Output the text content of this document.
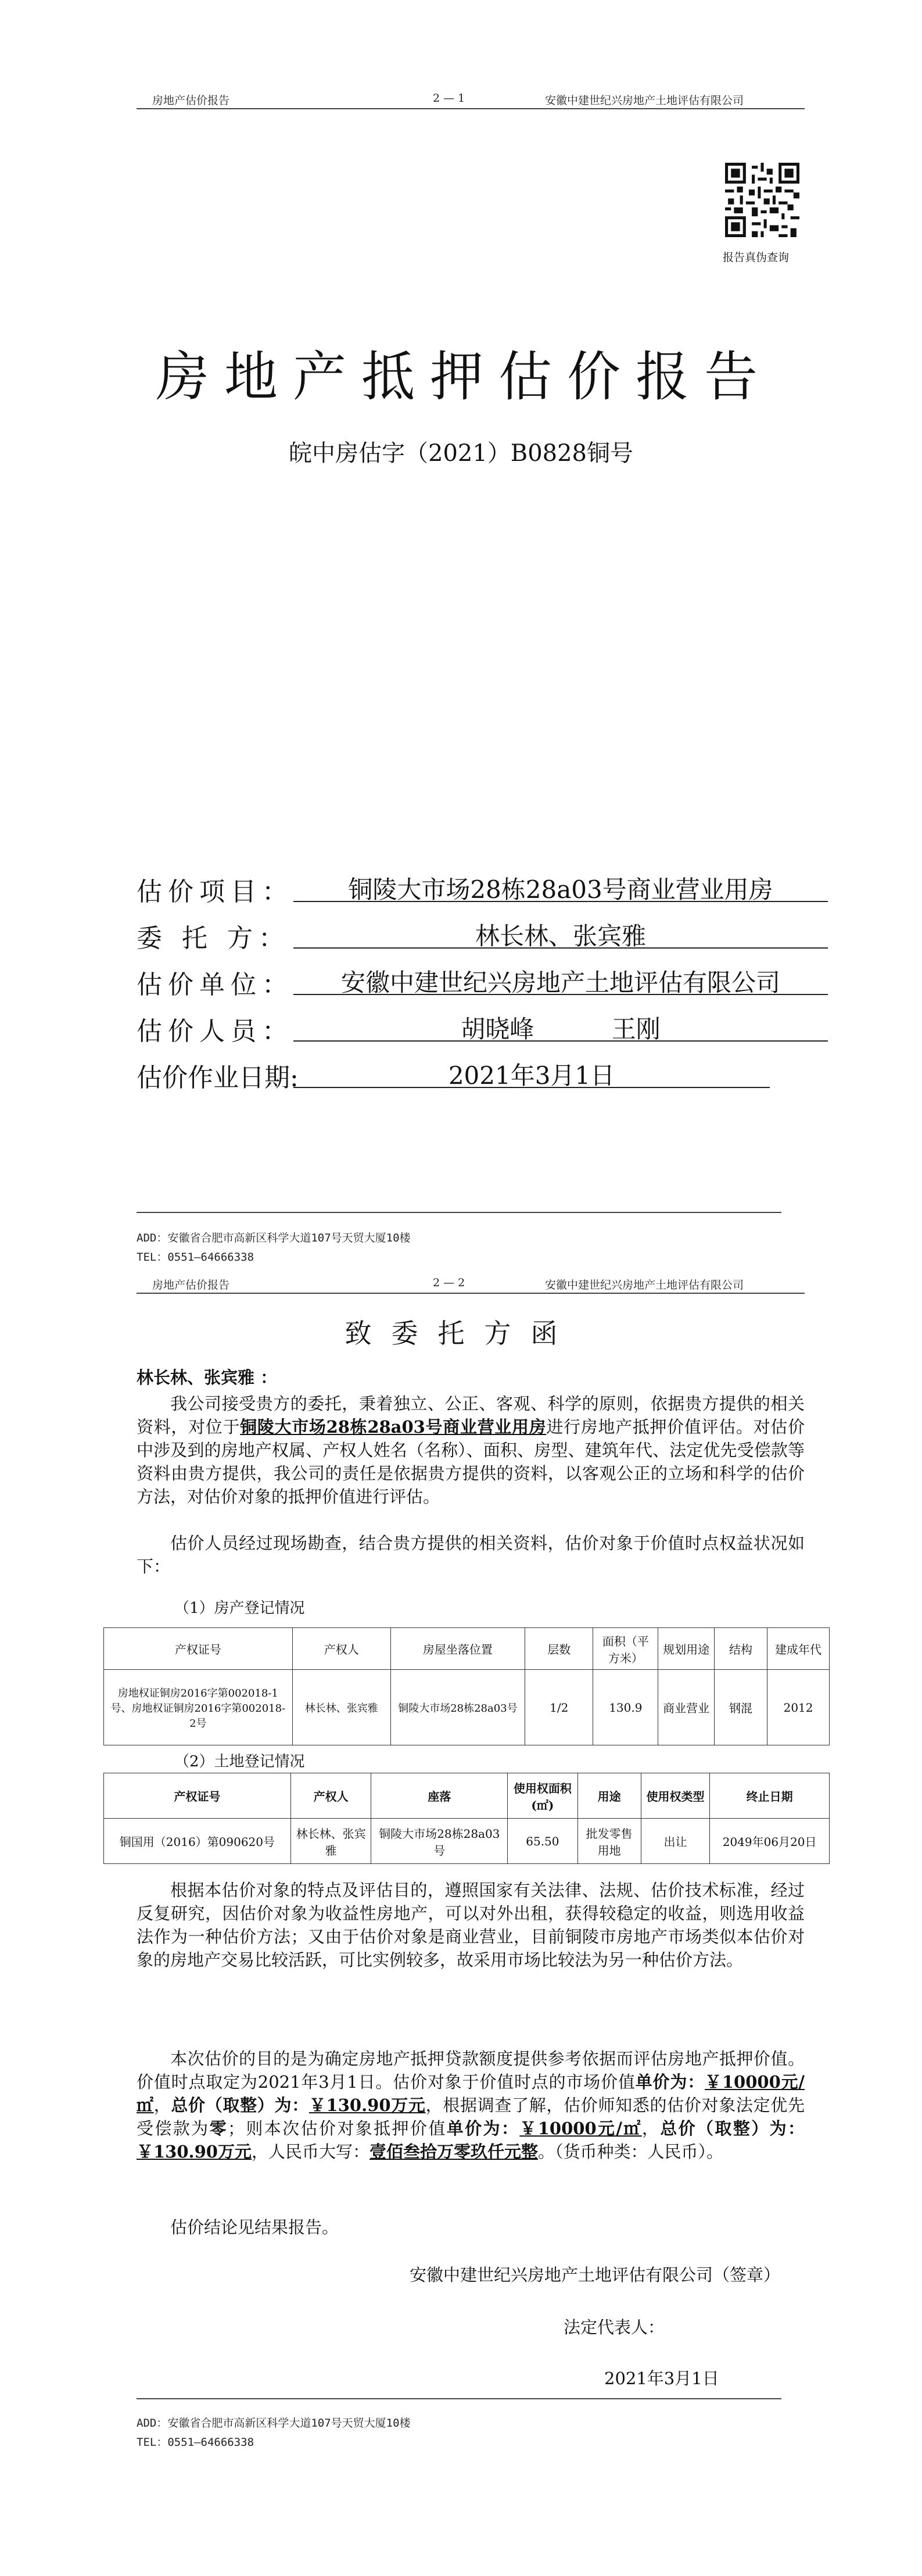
房地产估价报告	2 — 1	安徽中建世纪兴房地产土地评估有限公司
报告真伪查询
房地产抵押估价报告
皖中房估字（2021）B0828铜号
估价项目：	铜陵大市场28栋28a03号商业营业用房
委 托 方：	林长林、张宾雅
估价单位：	安徽中建世纪兴房地产土地评估有限公司
估价人员：	胡晓峰          王刚
估价作业日期:	2021年3月1日
ADD：安徽省合肥市高新区科学大道107号天贸大厦10楼
TEL：0551—64666338
房地产估价报告	2 — 2	安徽中建世纪兴房地产土地评估有限公司
致委托方函
林长林、张宾雅 ：
我公司接受贵方的委托，秉着独立、公正、客观、科学的原则，依据贵方提供的相关资料，对位于铜陵大市场28栋28a03号商业营业用房进行房地产抵押价值评估。对估价中涉及到的房地产权属、产权人姓名（名称）、面积、房型、建筑年代、法定优先受偿款等资料由贵方提供，我公司的责任是依据贵方提供的资料，以客观公正的立场和科学的估价方法，对估价对象的抵押价值进行评估。
估价人员经过现场勘查，结合贵方提供的相关资料，估价对象于价值时点权益状况如下：
（1）房产登记情况
产权证号	产权人	房屋坐落位置	层数	面积（平方米）	规划用途	结构	建成年代
房地权证铜房2016字第002018-1号、房地权证铜房2016字第002018-2号	林长林、张宾雅	铜陵大市场28栋28a03号	1/2	130.9	商业营业	钢混	2012
（2）土地登记情况
产权证号	产权人	座落	使用权面积(㎡)	用途	使用权类型	终止日期
铜国用（2016）第090620号	林长林、张宾雅	铜陵大市场28栋28a03号	65.50	批发零售用地	出让	2049年06月20日
根据本估价对象的特点及评估目的，遵照国家有关法律、法规、估价技术标准，经过反复研究，因估价对象为收益性房地产，可以对外出租，获得较稳定的收益，则选用收益法作为一种估价方法；又由于估价对象是商业营业，目前铜陵市房地产市场类似本估价对象的房地产交易比较活跃，可比实例较多，故采用市场比较法为另一种估价方法。
本次估价的目的是为确定房地产抵押贷款额度提供参考依据而评估房地产抵押价值。价值时点取定为2021年3月1日。估价对象于价值时点的市场价值单价为：￥10000元/㎡，总价（取整）为：￥130.90万元，根据调查了解，估价师知悉的估价对象法定优先受偿款为零；则本次估价对象抵押价值单价为：￥10000元/㎡，总价（取整）为：￥130.90万元，人民币大写：壹佰叁拾万零玖仟元整。（货币种类：人民币）。
估价结论见结果报告。
安徽中建世纪兴房地产土地评估有限公司（签章）
法定代表人：
2021年3月1日
ADD：安徽省合肥市高新区科学大道107号天贸大厦10楼
TEL：0551—64666338
